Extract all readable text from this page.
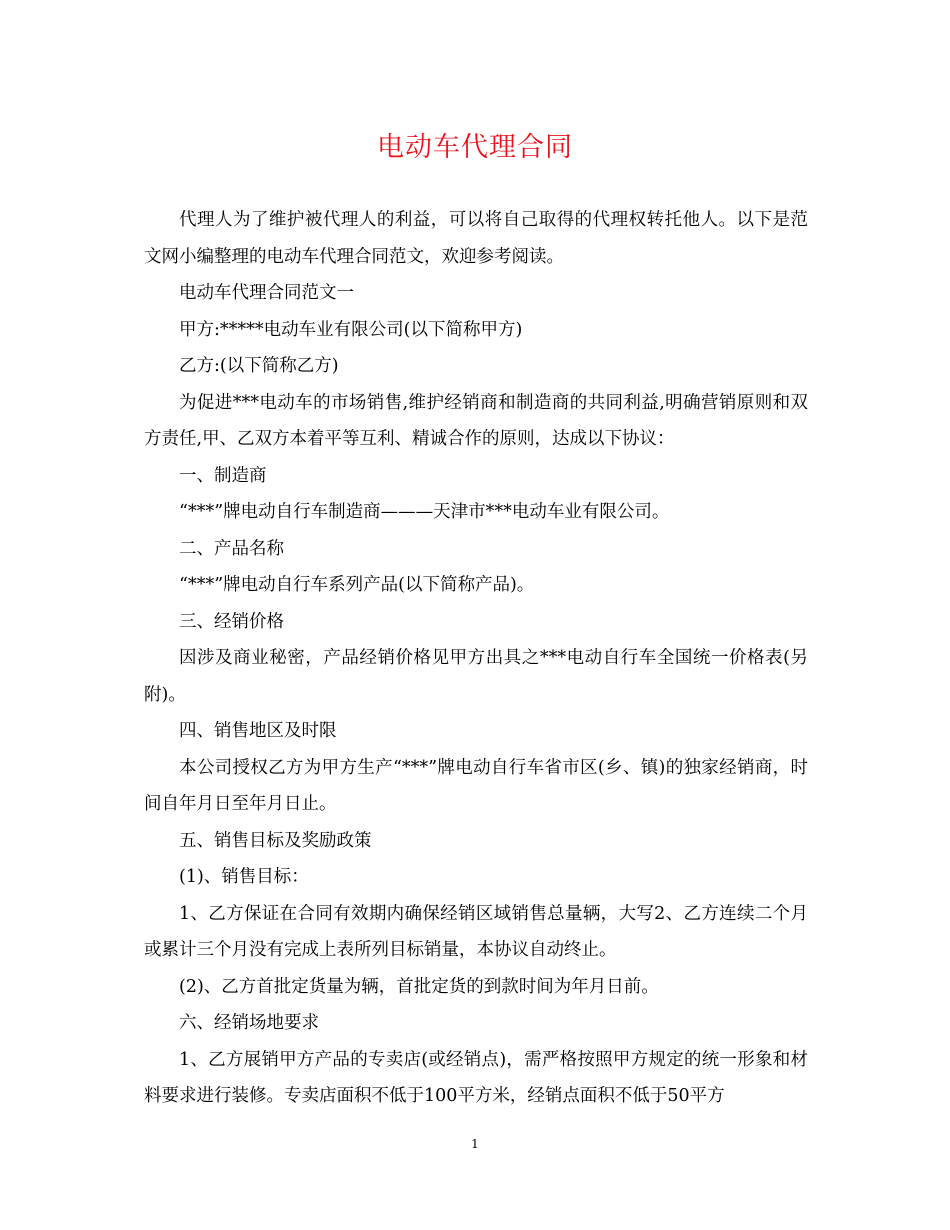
电动车代理合同

代理人为了维护被代理人的利益，可以将自己取得的代理权转托他人。以下是范文网小编整理的电动车代理合同范文，欢迎参考阅读。

电动车代理合同范文一

甲方:*****电动车业有限公司(以下简称甲方)

乙方:(以下简称乙方)

为促进***电动车的市场销售,维护经销商和制造商的共同利益,明确营销原则和双方责任,甲、乙双方本着平等互利、精诚合作的原则，达成以下协议：

一、制造商

“***”牌电动自行车制造商———天津市***电动车业有限公司。

二、产品名称

“***”牌电动自行车系列产品(以下简称产品)。

三、经销价格

因涉及商业秘密，产品经销价格见甲方出具之***电动自行车全国统一价格表(另附)。

四、销售地区及时限

本公司授权乙方为甲方生产“***”牌电动自行车省市区(乡、镇)的独家经销商，时间自年月日至年月日止。

五、销售目标及奖励政策

(1)、销售目标：

1、乙方保证在合同有效期内确保经销区域销售总量辆，大写2、乙方连续二个月或累计三个月没有完成上表所列目标销量，本协议自动终止。

(2)、乙方首批定货量为辆，首批定货的到款时间为年月日前。

六、经销场地要求

1、乙方展销甲方产品的专卖店(或经销点)，需严格按照甲方规定的统一形象和材料要求进行装修。专卖店面积不低于100平方米，经销点面积不低于50平方

1
